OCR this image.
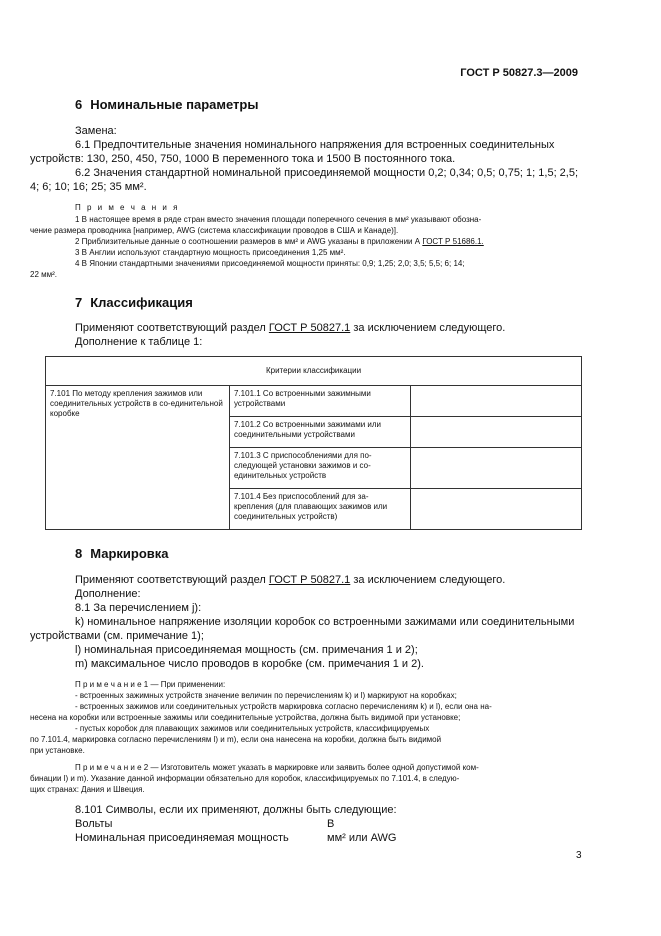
ГОСТ Р 50827.3—2009
6 Номинальные параметры

Замена:

6.1 Предпочтительные значения номинального напряжения для встроенных соединительных

устройств: 130, 250, 450, 750, 1000 В переменного тока и 1500 В постоянного тока.

6.2 Значения стандартной номинальной присоединяемой мощности 0,2; 0,34; 0,5; 0,75; 1; 1,5; 2,5;

4; 6; 10; 16; 25; 35 мм².

П р и м е ч а н и я
1 В настоящее время в ряде стран вместо значения площади поперечного сечения в мм² указывают обозна-
чение размера проводника [например, AWG (система классификации проводов в США и Канаде)].
2 Приблизительные данные о соотношении размеров в мм² и AWG указаны в приложении А ГОСТ Р 51686.1.
3 В Англии используют стандартную мощность присоединения 1,25 мм².
4 В Японии стандартными значениями присоединяемой мощности приняты: 0,9; 1,25; 2,0; 3,5; 5,5; 6; 14;
22 мм².
7 Классификация

Применяют соответствующий раздел ГОСТ Р 50827.1 за исключением следующего.

Дополнение к таблице 1:

Критерии классификации		
7.101 По методу крепления зажимов или соединительных устройств в со-единительной коробке	7.101.1 Со встроенными зажимными устройствами	
	7.101.2 Со встроенными зажимами или соединительными устройствами	
	7.101.3 С приспособлениями для по-следующей установки зажимов и со-единительных устройств	
	7.101.4 Без приспособлений для за-крепления (для плавающих зажимов или соединительных устройств)	
8 Маркировка

Применяют соответствующий раздел ГОСТ Р 50827.1 за исключением следующего.

Дополнение:

8.1 За перечислением j):

k) номинальное напряжение изоляции коробок со встроенными зажимами или соединительными

устройствами (см. примечание 1);

l) номинальная присоединяемая мощность (см. примечания 1 и 2);

m) максимальное число проводов в коробке (см. примечания 1 и 2).

П р и м е ч а н и е 1 — При применении:
- встроенных зажимных устройств значение величин по перечислениям k) и l) маркируют на коробках;
- встроенных зажимов или соединительных устройств маркировка согласно перечислениям k) и l), если она на-
несена на коробки или встроенные зажимы или соединительные устройства, должна быть видимой при установке;
- пустых коробок для плавающих зажимов или соединительных устройств, классифицируемых
по 7.101.4, маркировка согласно перечислениям l) и m), если она нанесена на коробки, должна быть видимой
при установке.
П р и м е ч а н и е 2 — Изготовитель может указать в маркировке или заявить более одной допустимой ком-
бинации l) и m). Указание данной информации обязательно для коробок, классифицируемых по 7.101.4, в следую-
щих странах: Дания и Швеция.

8.101 Символы, если их применяют, должны быть следующие:

Вольты	В

Номинальная присоединяемая мощность	мм² или AWG

3
